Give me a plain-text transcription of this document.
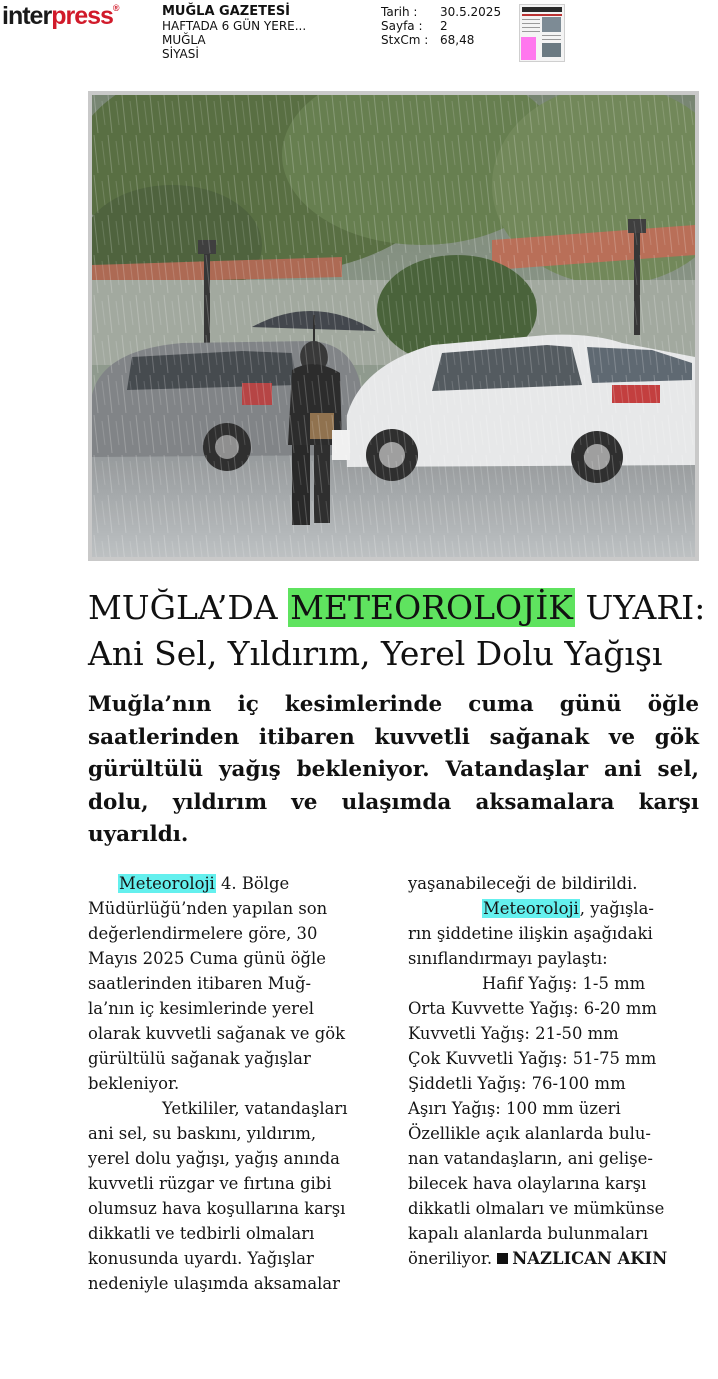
interpress®	MUĞLA GAZETESİ
HAFTADA 6 GÜN YERE...
MUĞLA
SİYASİ
Tarih :	30.5.2025
Sayfa :	2
StxCm : 68,48
MUĞLA’DA METEOROLOJİK UYARI:
Ani Sel, Yıldırım, Yerel Dolu Yağışı
Muğla’nın iç kesimlerinde cuma günü öğle saatlerinden itibaren kuvvetli sağanak ve gök gürültülü yağış bekleniyor. Vatandaşlar ani sel, dolu, yıldırım ve ulaşımda aksamalara karşı uyarıldı.
Meteoroloji 4. Bölge
Müdürlüğü’nden yapılan son
değerlendirmelere göre, 30
Mayıs 2025 Cuma günü öğle
saatlerinden itibaren Muğ-
la’nın iç kesimlerinde yerel
olarak kuvvetli sağanak ve gök
gürültülü sağanak yağışlar
bekleniyor.
Yetkililer, vatandaşları
ani sel, su baskını, yıldırım,
yerel dolu yağışı, yağış anında
kuvvetli rüzgar ve fırtına gibi
olumsuz hava koşullarına karşı
dikkatli ve tedbirli olmaları
konusunda uyardı. Yağışlar
nedeniyle ulaşımda aksamalar
yaşanabileceği de bildirildi.
Meteoroloji, yağışla-
rın şiddetine ilişkin aşağıdaki
sınıflandırmayı paylaştı:
Hafif Yağış: 1-5 mm
Orta Kuvvette Yağış: 6-20 mm
Kuvvetli Yağış: 21-50 mm
Çok Kuvvetli Yağış: 51-75 mm
Şiddetli Yağış: 76-100 mm
Aşırı Yağış: 100 mm üzeri
Özellikle açık alanlarda bulu-
nan vatandaşların, ani gelişe-
bilecek hava olaylarına karşı
dikkatli olmaları ve mümkünse
kapalı alanlarda bulunmaları
öneriliyor. NAZLICAN AKIN
